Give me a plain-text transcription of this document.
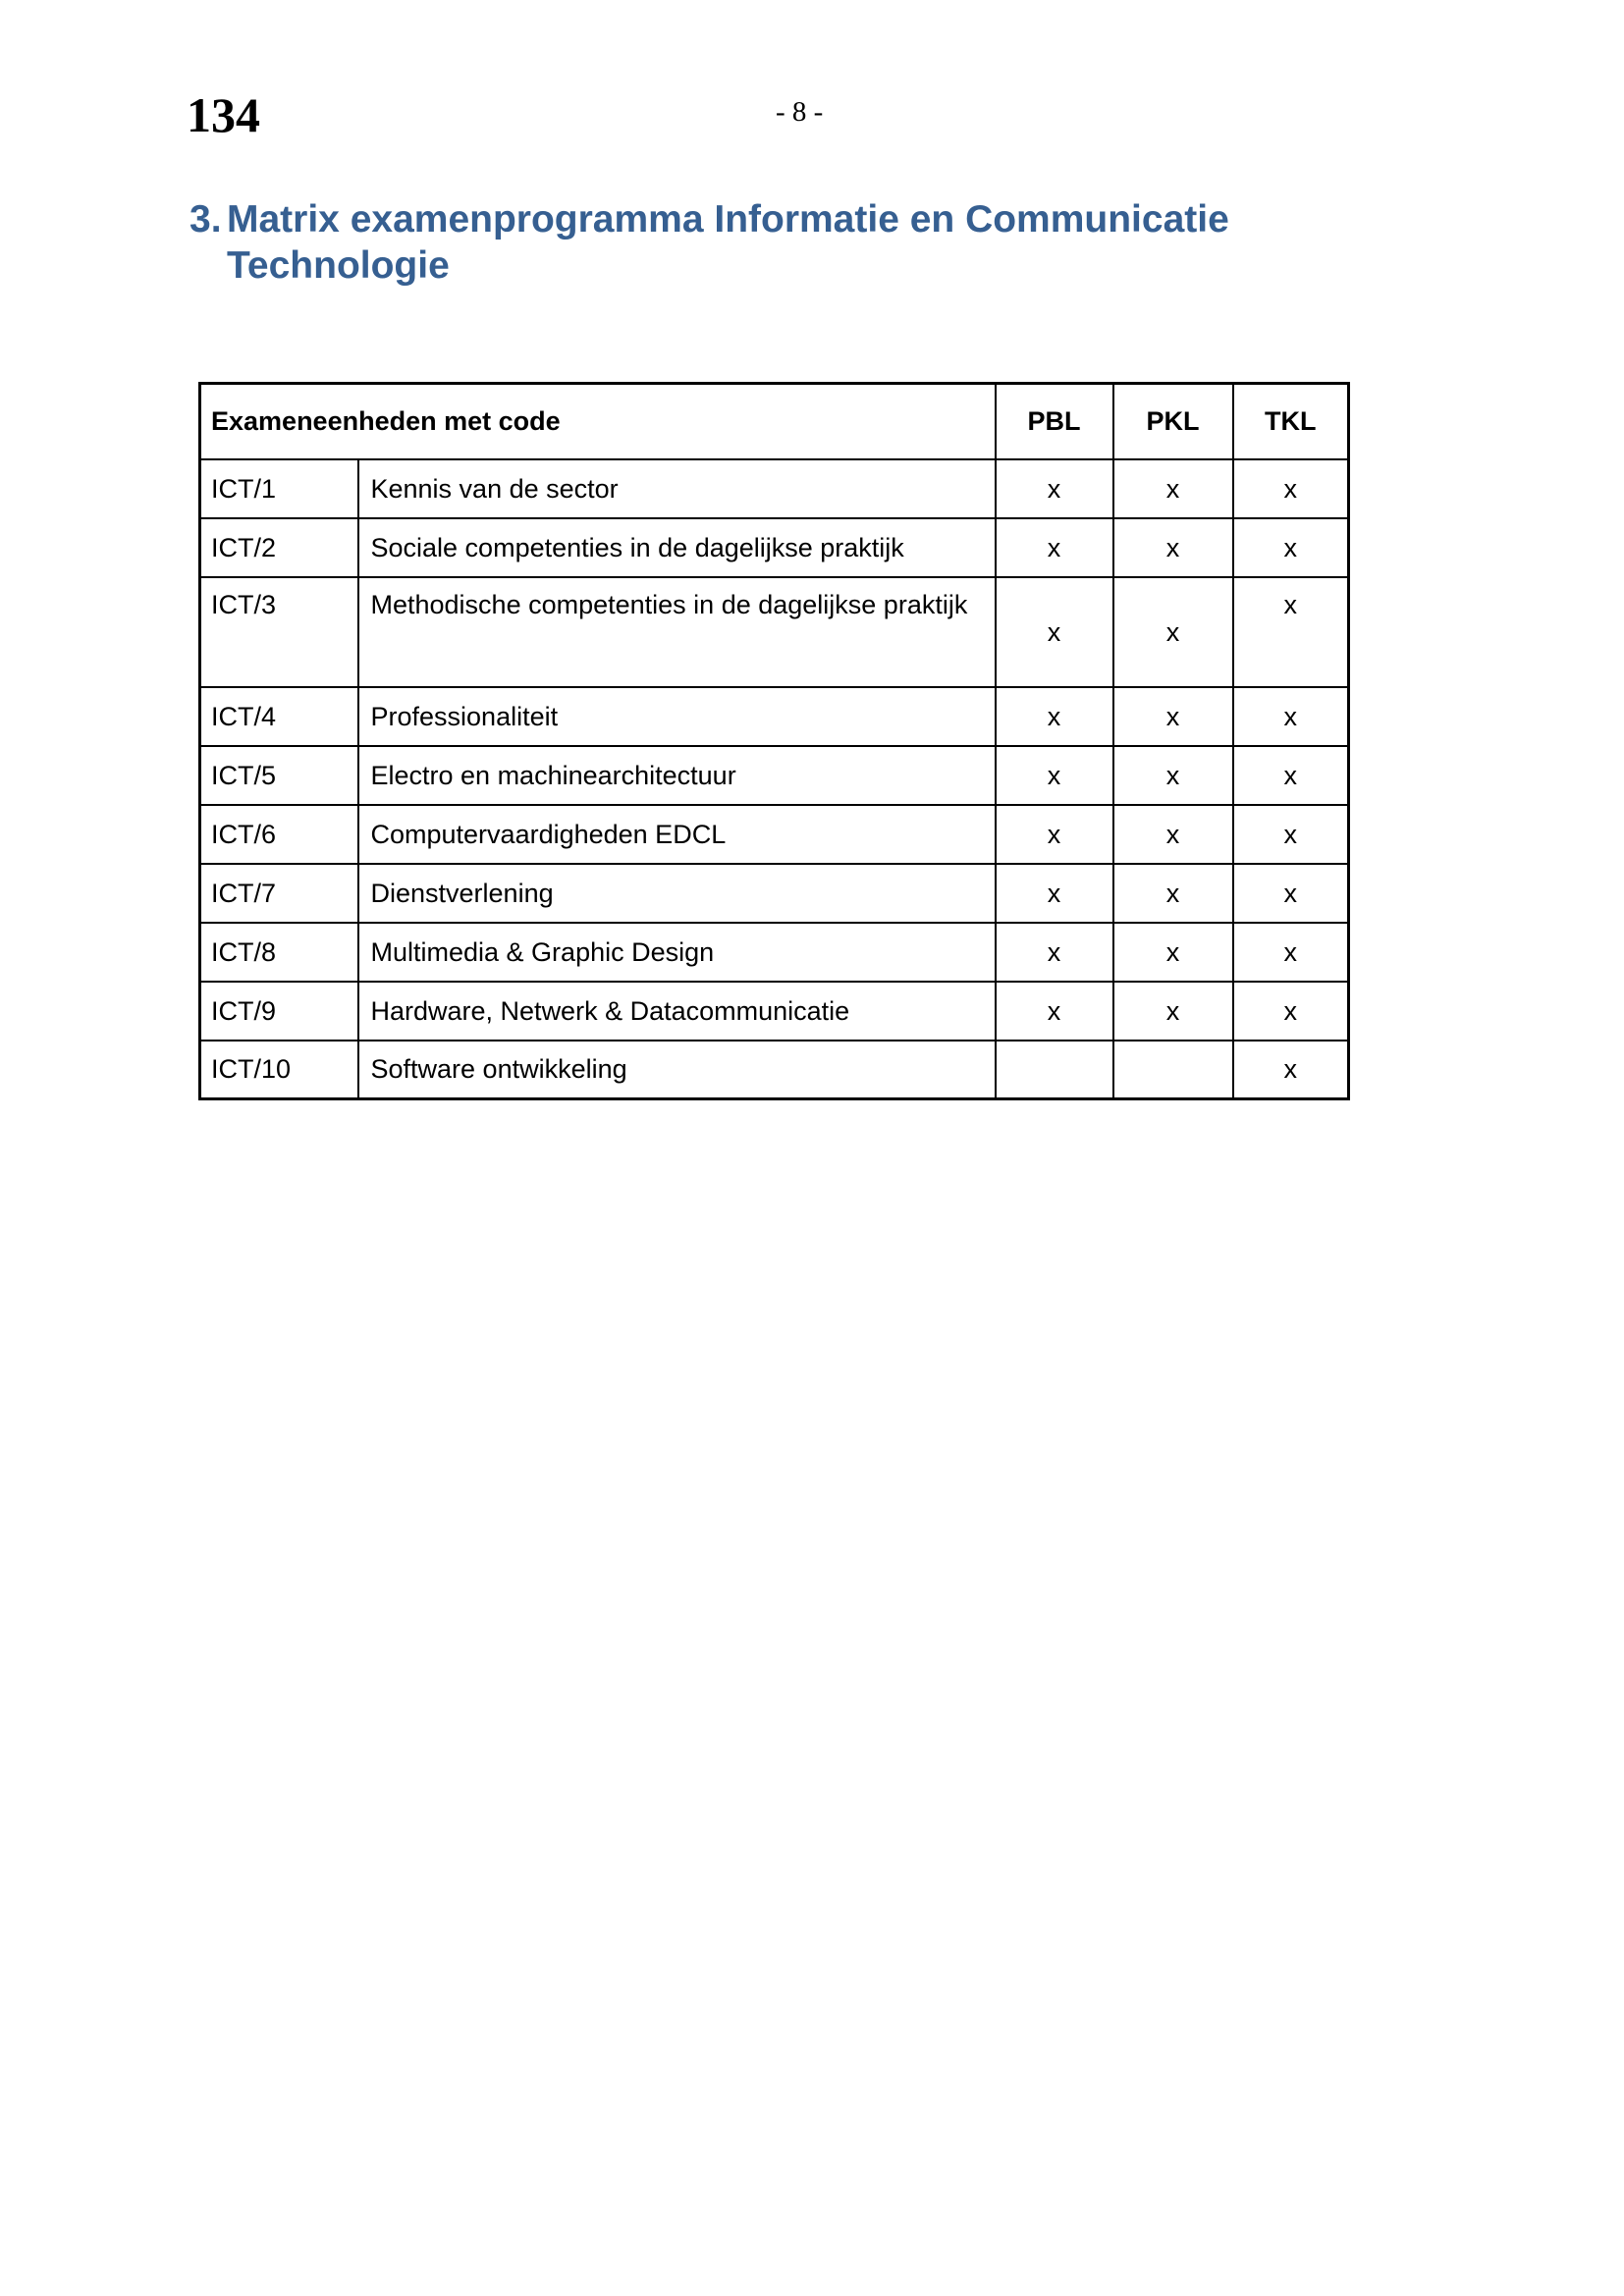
134	- 8 -
3. Matrix examenprogramma Informatie en Communicatie
Technologie
Exameneenheden met code		PBL	PKL	TKL
ICT/1	Kennis van de sector	x	x	x
ICT/2	Sociale competenties in de dagelijkse praktijk	x	x	x
ICT/3	Methodische competenties in de dagelijkse praktijk	x	x	x
ICT/4	Professionaliteit	x	x	x
ICT/5	Electro en machinearchitectuur	x	x	x
ICT/6	Computervaardigheden EDCL	x	x	x
ICT/7	Dienstverlening	x	x	x
ICT/8	Multimedia & Graphic Design	x	x	x
ICT/9	Hardware, Netwerk & Datacommunicatie	x	x	x
ICT/10	Software ontwikkeling			x
